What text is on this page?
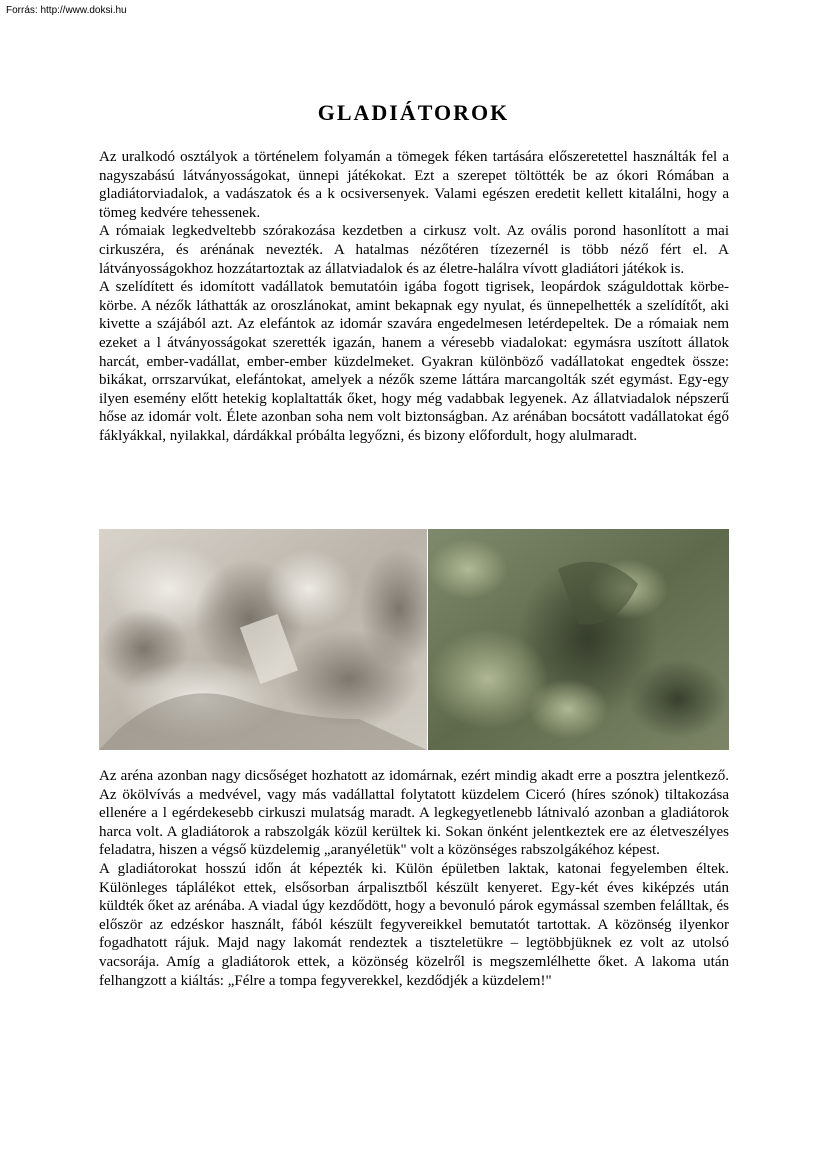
Forrás: http://www.doksi.hu
GLADIÁTOROK

Az uralkodó osztályok a történelem folyamán a tömegek féken tartására előszeretettel használták fel a nagyszabású látványosságokat, ünnepi játékokat. Ezt a szerepet töltötték be az ókori Rómában a gladiátorviadalok, a vadászatok és a k ocsiversenyek. Valami egészen eredetit kellett kitalálni, hogy a tömeg kedvére tehessenek.

A rómaiak legkedveltebb szórakozása kezdetben a cirkusz volt. Az ovális porond hasonlított a mai cirkuszéra, és arénának nevezték. A hatalmas nézőtéren tízezernél is több néző fért el. A látványosságokhoz hozzátartoztak az állatviadalok és az életre-halálra vívott gladiátori játékok is.

A szelídített és idomított vadállatok bemutatóin igába fogott tigrisek, leopárdok száguldottak körbe-körbe. A nézők láthatták az oroszlánokat, amint bekapnak egy nyulat, és ünnepelhették a szelídítőt, aki kivette a szájából azt. Az elefántok az idomár szavára engedelmesen letérdepeltek. De a rómaiak nem ezeket a l átványosságokat szerették igazán, hanem a véresebb viadalokat: egymásra uszított állatok harcát, ember-vadállat, ember-ember küzdelmeket. Gyakran különböző vadállatokat engedtek össze: bikákat, orrszarvúkat, elefántokat, amelyek a nézők szeme láttára marcangolták szét egymást. Egy-egy ilyen esemény előtt hetekig koplaltatták őket, hogy még vadabbak legyenek. Az állatviadalok népszerű hőse az idomár volt. Élete azonban soha nem volt biztonságban. Az arénában bocsátott vadállatokat égő fáklyákkal, nyilakkal, dárdákkal próbálta legyőzni, és bizony előfordult, hogy alulmaradt.

Az aréna azonban nagy dicsőséget hozhatott az idomárnak, ezért mindig akadt erre a posztra jelentkező. Az ökölvívás a medvével, vagy más vadállattal folytatott küzdelem Ciceró (híres szónok) tiltakozása ellenére a l egérdekesebb cirkuszi mulatság maradt. A legkegyetlenebb látnivaló azonban a gladiátorok harca volt. A gladiátorok a rabszolgák közül kerültek ki. Sokan önként jelentkeztek ere az életveszélyes feladatra, hiszen a végső küzdelemig „aranyéletük" volt a közönséges rabszolgákéhoz képest.

A gladiátorokat hosszú időn át képezték ki. Külön épületben laktak, katonai fegyelemben éltek. Különleges táplálékot ettek, elsősorban árpalisztből készült kenyeret. Egy-két éves kiképzés után küldték őket az arénába. A viadal úgy kezdődött, hogy a bevonuló párok egymással szemben felálltak, és először az edzéskor használt, fából készült fegyvereikkel bemutatót tartottak. A közönség ilyenkor fogadhatott rájuk. Majd nagy lakomát rendeztek a tiszteletükre – legtöbbjüknek ez volt az utolsó vacsorája. Amíg a gladiátorok ettek, a közönség közelről is megszemlélhette őket. A lakoma után felhangzott a kiáltás: „Félre a tompa fegyverekkel, kezdődjék a küzdelem!"
